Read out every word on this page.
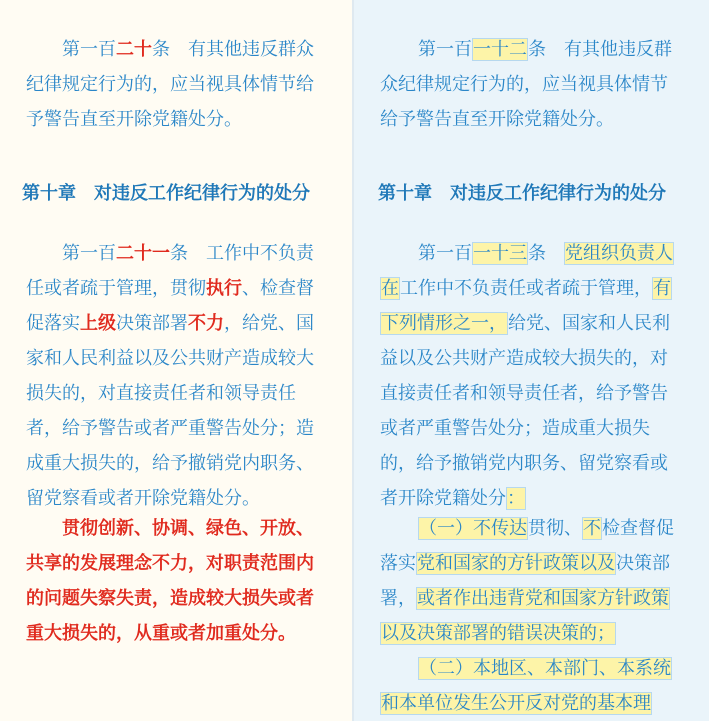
第一百二十条　有其他违反群众
纪律规定行为的，应当视具体情节给
予警告直至开除党籍处分。
第十章　对违反工作纪律行为的处分
第一百二十一条　工作中不负责
任或者疏于管理，贯彻执行、检查督
促落实上级决策部署不力，给党、国
家和人民利益以及公共财产造成较大
损失的，对直接责任者和领导责任
者，给予警告或者严重警告处分；造
成重大损失的，给予撤销党内职务、
留党察看或者开除党籍处分。
贯彻创新、协调、绿色、开放、
共享的发展理念不力，对职责范围内
的问题失察失责，造成较大损失或者
重大损失的，从重或者加重处分。
第一百一十二条　有其他违反群
众纪律规定行为的，应当视具体情节
给予警告直至开除党籍处分。
第十章　对违反工作纪律行为的处分
第一百一十三条　党组织负责人
在工作中不负责任或者疏于管理，有
下列情形之一，给党、国家和人民利
益以及公共财产造成较大损失的，对
直接责任者和领导责任者，给予警告
或者严重警告处分；造成重大损失
的，给予撤销党内职务、留党察看或
者开除党籍处分：
（一）不传达贯彻、不检查督促
落实党和国家的方针政策以及决策部
署，或者作出违背党和国家方针政策
以及决策部署的错误决策的；
（二）本地区、本部门、本系统
和本单位发生公开反对党的基本理
